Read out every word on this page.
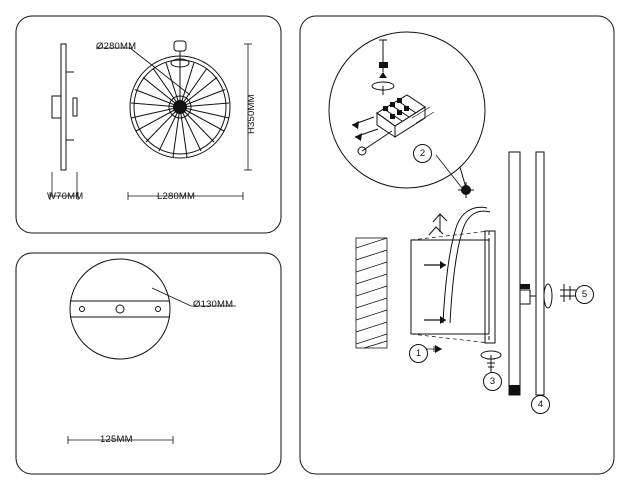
Ø280MM
H350MM
W70MM	L280MM
Ø130MM
125MM
1
2
3
4
5
